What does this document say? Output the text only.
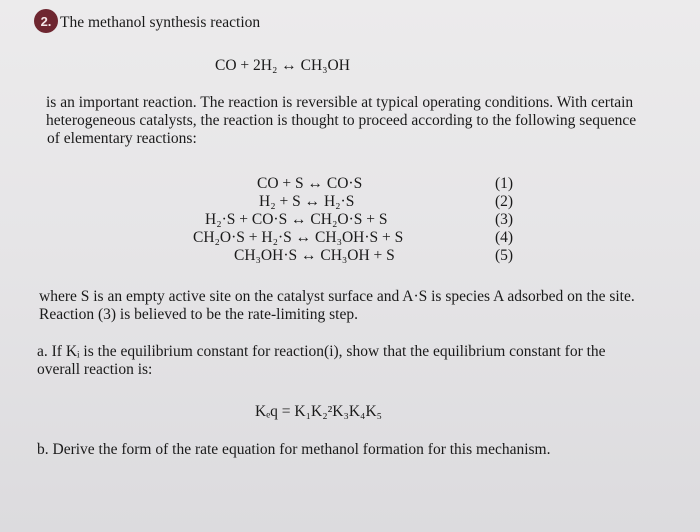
2. The methanol synthesis reaction
CO + 2H₂ ↔ CH₃OH
is an important reaction. The reaction is reversible at typical operating conditions. With certain
heterogeneous catalysts, the reaction is thought to proceed according to the following sequence
of elementary reactions:
CO + S ↔ CO·S	(1)
H₂ + S ↔ H₂·S	(2)
H₂·S + CO·S ↔ CH₂O·S + S	(3)
CH₂O·S + H₂·S ↔ CH₃OH·S + S	(4)
CH₃OH·S ↔ CH₃OH + S	(5)
where S is an empty active site on the catalyst surface and A·S is species A adsorbed on the site.
Reaction (3) is believed to be the rate-limiting step.
a. If Kᵢ is the equilibrium constant for reaction(i), show that the equilibrium constant for the
overall reaction is:
Kₑq = K₁K₂²K₃K₄K₅
b. Derive the form of the rate equation for methanol formation for this mechanism.
